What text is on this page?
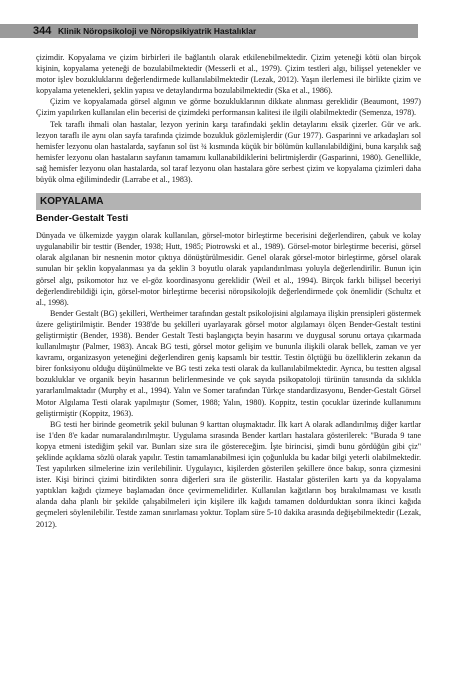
344 Klinik Nöropsikoloji ve Nöropsikiyatrik Hastalıklar

çizimdir. Kopyalama ve çizim birbirleri ile bağlantılı olarak etkilenebilmektedir. Çizim yeteneği kötü olan birçok kişinin, kopyalama yeteneği de bozulabilmektedir (Messerli et al., 1979). Çizim testleri algı, bilişsel yetenekler ve motor işlev bozukluklarını değerlendirmede kullanılabilmektedir (Lezak, 2012). Yaşın ilerlemesi ile birlikte çizim ve kopyalama yetenekleri, şeklin yapısı ve detaylandırma bozulabilmektedir (Ska et al., 1986).

Çizim ve kopyalamada görsel algının ve görme bozukluklarının dikkate alınması gereklidir (Beaumont, 1997) Çizim yapılırken kullanılan elin becerisi de çizimdeki performansın kalitesi ile ilgili olabilmektedir (Semenza, 1978).

Tek taraflı ihmali olan hastalar, lezyon yerinin karşı tarafındaki şeklin detaylarını eksik çizerler. Gür ve ark. lezyon taraflı ile aynı olan sayfa tarafında çizimde bozukluk gözlemişlerdir (Gur 1977). Gasparinni ve arkadaşları sol hemisfer lezyonu olan hastalarda, sayfanın sol üst ¾ kısmında küçük bir bölümün kullanılabildiğini, buna karşılık sağ hemisfer lezyonu olan hastaların sayfanın tamamını kullanabildiklerini belirtmişlerdir (Gasparinni, 1980). Genellikle, sağ hemisfer lezyonu olan hastalarda, sol taraf lezyonu olan hastalara göre serbest çizim ve kopyalama çizimleri daha büyük olma eğilimindedir (Larrabe et al., 1983).

KOPYALAMA
Bender-Gestalt Testi

Dünyada ve ülkemizde yaygın olarak kullanılan, görsel-motor birleştirme becerisini değerlendiren, çabuk ve kolay uygulanabilir bir testtir (Bender, 1938; Hutt, 1985; Piotrowski et al., 1989). Görsel-motor birleştirme becerisi, görsel olarak algılanan bir nesnenin motor çıktıya dönüştürülmesidir. Genel olarak görsel-motor birleştirme, görsel olarak sunulan bir şeklin kopyalanması ya da şeklin 3 boyutlu olarak yapılandırılması yoluyla değerlendirilir. Bunun için görsel algı, psikomotor hız ve el-göz koordinasyonu gereklidir (Weil et al., 1994). Birçok farklı bilişsel beceriyi değerlendirebildiği için, görsel-motor birleştirme becerisi nöropsikolojik değerlendirmede çok önemlidir (Schultz et al., 1998).

Bender Gestalt (BG) şekilleri, Wertheimer tarafından gestalt psikolojisini algılamaya ilişkin prensipleri göstermek üzere geliştirilmiştir. Bender 1938'de bu şekilleri uyarlayarak görsel motor algılamayı ölçen Bender-Gestalt testini geliştirmiştir (Bender, 1938). Bender Gestalt Testi başlangıçta beyin hasarını ve duygusal sorunu ortaya çıkarmada kullanılmıştır (Palmer, 1983). Ancak BG testi, görsel motor gelişim ve bununla ilişkili olarak bellek, zaman ve yer kavramı, organizasyon yeteneğini değerlendiren geniş kapsamlı bir testtir. Testin ölçtüğü bu özelliklerin zekanın da birer fonksiyonu olduğu düşünülmekte ve BG testi zeka testi olarak da kullanılabilmektedir. Ayrıca, bu testten algısal bozukluklar ve organik beyin hasarının belirlenmesinde ve çok sayıda psikopatoloji türünün tanısında da sıklıkla yararlanılmaktadır (Murphy et al., 1994). Yalın ve Somer tarafından Türkçe standardizasyonu, Bender-Gestalt Görsel Motor Algılama Testi olarak yapılmıştır (Somer, 1988; Yalın, 1980). Koppitz, testin çocuklar üzerinde kullanımını geliştirmiştir (Koppitz, 1963).

BG testi her birinde geometrik şekil bulunan 9 karttan oluşmaktadır. İlk kart A olarak adlandırılmış diğer kartlar ise 1'den 8'e kadar numaralandırılmıştır. Uygulama sırasında Bender kartları hastalara gösterilerek: "Burada 9 tane kopya etmeni istediğim şekil var. Bunları size sıra ile göstereceğim. İşte birincisi, şimdi bunu gördüğün gibi çiz" şeklinde açıklama sözlü olarak yapılır. Testin tamamlanabilmesi için çoğunlukla bu kadar bilgi yeterli olabilmektedir. Test yapılırken silmelerine izin verilebilinir. Uygulayıcı, kişilerden gösterilen şekillere önce bakıp, sonra çizmesini ister. Kişi birinci çizimi bitirdikten sonra diğerleri sıra ile gösterilir. Hastalar gösterilen kartı ya da kopyalama yaptıkları kağıdı çizmeye başlamadan önce çevirmemelidirler. Kullanılan kağıtların boş bırakılmaması ve kısıtlı alanda daha planlı bir şekilde çalışabilmeleri için kişilere ilk kağıdı tamamen doldurduktan sonra ikinci kağıda geçmeleri söylenilebilir. Testde zaman sınırlaması yoktur. Toplam süre 5-10 dakika arasında değişebilmektedir (Lezak, 2012).
